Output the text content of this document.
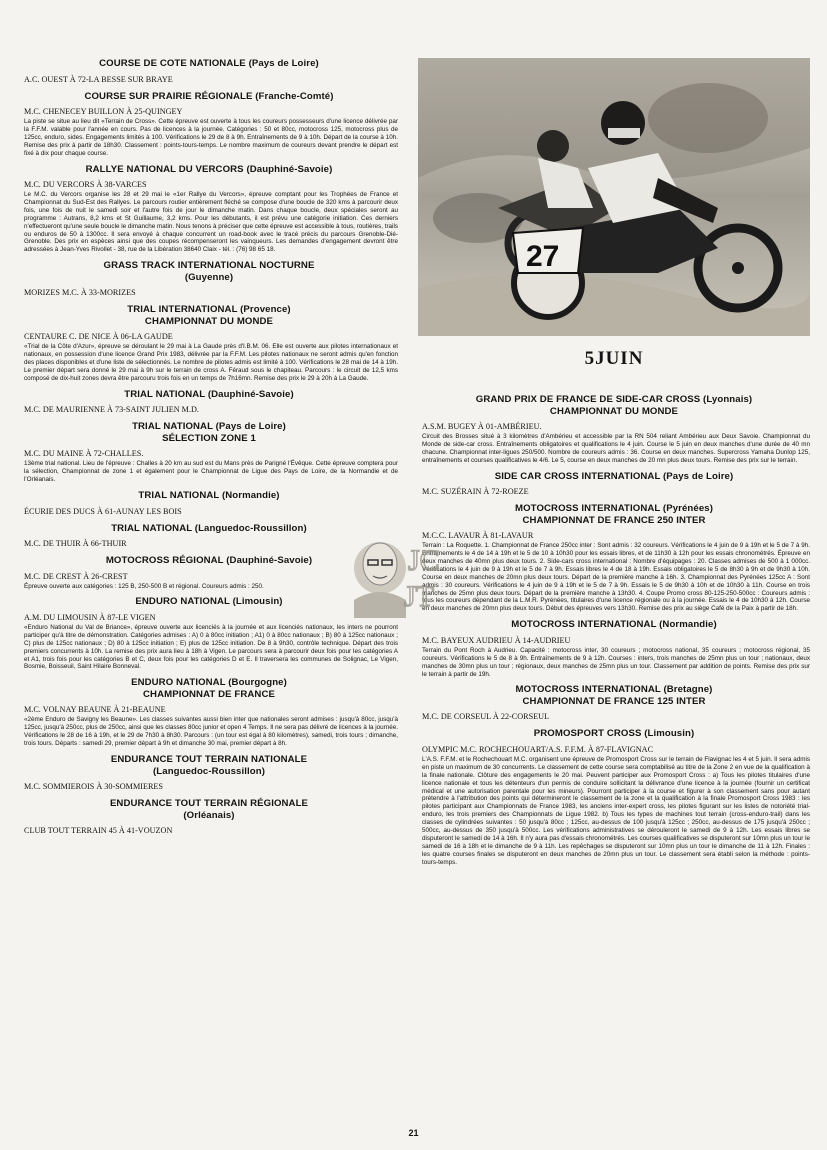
COURSE DE COTE NATIONALE (Pays de Loire)
A.C. OUEST À 72-LA BESSE SUR BRAYE
COURSE SUR PRAIRIE RÉGIONALE (Franche-Comté)
M.C. CHENECEY BUILLON À 25-QUINGEY
La piste se situe au lieu dit «Terrain de Cross». Cette épreuve est ouverte à tous les coureurs possesseurs d'une licence délivrée par la F.F.M. valable pour l'année en cours. Pas de licences à la journée. Catégories : 50 et 80cc, motocross 125, motocross plus de 125cc, enduro, sides. Engagements limités à 100. Vérifications le 29 de 8 à 9h. Entraînements de 9 à 10h. Départ de la course à 10h. Remise des prix à partir de 18h30. Classement : points-tours-temps. Le nombre maximum de coureurs devant prendre le départ est fixé à dix pour chaque course.
RALLYE NATIONAL DU VERCORS (Dauphiné-Savoie)
M.C. DU VERCORS À 38-VARCES
Le M.C. du Vercors organise les 28 et 29 mai le «1er Rallye du Vercors», épreuve comptant pour les Trophées de France et Championnat du Sud-Est des Rallyes. Le parcours routier entièrement fléché se compose d'une boucle de 320 kms à parcourir deux fois, une fois de nuit le samedi soir et l'autre fois de jour le dimanche matin. Dans chaque boucle, deux spéciales seront au programme : Autrans, 8,2 kms et St Guillaume, 3,2 kms. Pour les débutants, il est prévu une catégorie initiation. Ces derniers n'effectueront qu'une seule boucle le dimanche matin. Nous tenons à préciser que cette épreuve est accessible à tous, routières, trails ou enduros de 50 à 1300cc. Il sera envoyé à chaque concurrent un road-book avec le tracé précis du parcours Grenoble-Dié-Grenoble. Des prix en espèces ainsi que des coupes récompenseront les vainqueurs. Les demandes d'engagement devront être adressées à Jean-Yves Rivollet - 38, rue de la Libération 38640 Claix - tél. : (76) 98 65 18.
GRASS TRACK INTERNATIONAL NOCTURNE
(Guyenne)
MORIZES M.C. À 33-MORIZES
TRIAL INTERNATIONAL (Provence)
CHAMPIONNAT DU MONDE
CENTAURE C. DE NICE À 06-LA GAUDE
«Trial de la Côte d'Azur», épreuve se déroulant le 29 mai à La Gaude près d'I.B.M. 06. Elle est ouverte aux pilotes internationaux et nationaux, en possession d'une licence Grand Prix 1983, délivrée par la F.F.M. Les pilotes nationaux ne seront admis qu'en fonction des places disponibles et d'une liste de sélectionnés. Le nombre de pilotes admis est limité à 100. Vérifications le 28 mai de 14 à 19h. Le premier départ sera donné le 29 mai à 9h sur le terrain de cross A. Féraud sous le chapiteau. Parcours : le circuit de 12,5 kms composé de dix-huit zones devra être parcouru trois fois en un temps de 7h16mn. Remise des prix le 29 à 20h à La Gaude.
TRIAL NATIONAL (Dauphiné-Savoie)
M.C. DE MAURIENNE À 73-SAINT JULIEN M.D.
TRIAL NATIONAL (Pays de Loire)
SÉLECTION ZONE 1
M.C. DU MAINE À 72-CHALLES.
13ème trial national. Lieu de l'épreuve : Challes à 20 km au sud est du Mans près de Parigné l'Évêque. Cette épreuve comptera pour la sélection, Championnat de zone 1 et également pour le Championnat de Ligue des Pays de Loire, de la Normandie et de l'Orléanais.
TRIAL NATIONAL (Normandie)
ÉCURIE DES DUCS À 61-AUNAY LES BOIS
TRIAL NATIONAL (Languedoc-Roussillon)
M.C. DE THUIR À 66-THUIR
MOTOCROSS RÉGIONAL (Dauphiné-Savoie)
M.C. DE CREST À 26-CREST
Épreuve ouverte aux catégories : 125 B, 250-500 B et régional. Coureurs admis : 250.
ENDURO NATIONAL (Limousin)
A.M. DU LIMOUSIN À 87-LE VIGEN
«Enduro National du Val de Briance», épreuve ouverte aux licenciés à la journée et aux licenciés nationaux, les inters ne pourront participer qu'à titre de démonstration. Catégories admises : A) 0 à 80cc initiation ; A1) 0 à 80cc nationaux ; B) 80 à 125cc nationaux ; C) plus de 125cc nationaux ; D) 80 à 125cc initiation ; E) plus de 125cc initiation. De 8 à 9h30, contrôle technique. Départ des trois premiers concurrents à 10h. La remise des prix aura lieu à 18h à Vigen. Le parcours sera à parcourir deux fois pour les catégories A et A1, trois fois pour les catégories B et C, deux fois pour les catégories D et E. Il traversera les communes de Solignac, Le Vigen, Bosmie, Boisseuil, Saint Hilaire Bonneval.
ENDURO NATIONAL (Bourgogne)
CHAMPIONNAT DE FRANCE
M.C. VOLNAY BEAUNE À 21-BEAUNE
«2ème Enduro de Savigny les Beaune». Les classes suivantes aussi bien inter que nationales seront admises : jusqu'à 80cc, jusqu'à 125cc, jusqu'à 250cc, plus de 250cc, ainsi que les classes 80cc junior et open 4 Temps. Il ne sera pas délivré de licences à la journée. Vérifications le 28 de 16 à 19h, et le 29 de 7h30 à 8h30. Parcours : (un tour est égal à 80 kilomètres), samedi, trois tours ; dimanche, trois tours. Départs : samedi 29, premier départ à 9h et dimanche 30 mai, premier départ à 8h.
ENDURANCE TOUT TERRAIN NATIONALE
(Languedoc-Roussillon)
M.C. SOMMIEROIS À 30-SOMMIERES
ENDURANCE TOUT TERRAIN RÉGIONALE
(Orléanais)
CLUB TOUT TERRAIN 45 À 41-VOUZON
27
5JUIN
GRAND PRIX DE FRANCE DE SIDE-CAR CROSS (Lyonnais)
CHAMPIONNAT DU MONDE
A.S.M. BUGEY À 01-AMBÉRIEU.
Circuit des Brosses situé à 3 kilomètres d'Ambérieu et accessible par la RN 504 reliant Ambérieu aux Deux Savoie. Championnat du Monde de side-car cross. Entraînements obligatoires et qualifications le 4 juin. Course le 5 juin en deux manches d'une durée de 40 mn chacune. Championnat inter-ligues 250/500. Nombre de coureurs admis : 36. Course en deux manches. Supercross Yamaha Dunlop 125, entraînements et courses qualificatives le 4/6. Le 5, course en deux manches de 20 mn plus deux tours. Remise des prix sur le terrain.
SIDE CAR CROSS INTERNATIONAL (Pays de Loire)
M.C. SUZÉRAIN À 72-ROEZE
MOTOCROSS INTERNATIONAL (Pyrénées)
CHAMPIONNAT DE FRANCE 250 INTER
M.C.C. LAVAUR À 81-LAVAUR
Terrain : La Roquette. 1. Championnat de France 250cc inter : Sont admis : 32 coureurs. Vérifications le 4 juin de 9 à 19h et le 5 de 7 à 9h. Entraînements le 4 de 14 à 19h et le 5 de 10 à 10h30 pour les essais libres, et de 11h30 à 12h pour les essais chronométrés. Épreuve en deux manches de 40mn plus deux tours. 2. Side-cars cross international : Nombre d'équipages : 20. Classes admises de 500 à 1 000cc. Vérifications le 4 juin de 9 à 19h et le 5 de 7 à 9h. Essais libres le 4 de 18 à 19h. Essais obligatoires le 5 de 8h30 à 9h et de 9h30 à 10h. Course en deux manches de 20mn plus deux tours. Départ de la première manche à 16h. 3. Championnat des Pyrénées 125cc A : Sont admis : 30 coureurs. Vérifications le 4 juin de 9 à 19h et le 5 de 7 à 9h. Essais le 5 de 9h30 à 10h et de 10h30 à 11h. Course en trois manches de 25mn plus deux tours. Départ de la première manche à 13h30. 4. Coupe Promo cross 80-125-250-500cc : Coureurs admis : tous les coureurs dépendant de la L.M.R. Pyrénées, titulaires d'une licence régionale ou à la journée. Essais le 4 de 10h30 à 12h. Course en deux manches de 20mn plus deux tours. Début des épreuves vers 13h30. Remise des prix au siège Café de la Paix à partir de 18h.
MOTOCROSS INTERNATIONAL (Normandie)
M.C. BAYEUX AUDRIEU À 14-AUDRIEU
Terrain du Pont Roch à Audrieu. Capacité : motocross inter, 30 coureurs ; motocross national, 35 coureurs ; motocross régional, 35 coureurs. Vérifications le 5 de 8 à 9h. Entraînements de 9 à 12h. Courses : inters, trois manches de 25mn plus un tour ; nationaux, deux manches de 30mn plus un tour ; régionaux, deux manches de 25mn plus un tour. Classement par addition de points. Remise des prix sur le terrain à partir de 19h.
MOTOCROSS INTERNATIONAL (Bretagne)
CHAMPIONNAT DE FRANCE 125 INTER
M.C. DE CORSEUL À 22-CORSEUL
PROMOSPORT CROSS (Limousin)
OLYMPIC M.C. ROCHECHOUART/A.S. F.F.M. À 87-FLAVIGNAC
L'A.S. F.F.M. et le Rochechouart M.C. organisent une épreuve de Promosport Cross sur le terrain de Flavignac les 4 et 5 juin. Il sera admis en piste un maximum de 30 concurrents. Le classement de cette course sera comptabilisé au titre de la Zone 2 en vue de la qualification à la finale nationale. Clôture des engagements le 20 mai. Peuvent participer aux Promosport Cross : a) Tous les pilotes titulaires d'une licence nationale et tous les détenteurs d'un permis de conduire sollicitant la délivrance d'une licence à la journée (fournir un certificat médical et une autorisation parentale pour les mineurs). Pourront participer à la course et figurer à son classement sans pour autant prétendre à l'attribution des points qui détermineront le classement de la zone et la qualification à la finale Promosport Cross 1983 : les pilotes participant aux Championnats de France 1983, les anciens inter-expert cross, les pilotes figurant sur les listes de notoriété trial-enduro, les trois premiers des Championnats de Ligue 1982. b) Tous les types de machines tout terrain (cross-enduro-trail) dans les classes de cylindrées suivantes : 50 jusqu'à 80cc ; 125cc, au-dessus de 100 jusqu'à 125cc ; 250cc, au-dessus de 175 jusqu'à 250cc ; 500cc, au-dessus de 350 jusqu'à 500cc. Les vérifications administratives se dérouleront le samedi de 9 à 12h. Les essais libres se disputeront le samedi de 14 à 16h. Il n'y aura pas d'essais chronométrés. Les courses qualificatives se disputeront sur 10mn plus un tour le samedi de 16 à 18h et le dimanche de 9 à 11h. Les repêchages se disputeront sur 10mn plus un tour le dimanche de 11 à 12h. Finales : les quatre courses finales se disputeront en deux manches de 20mn plus un tour. Le classement sera établi selon la méthode : points-tours-temps.
JC
JT
21
